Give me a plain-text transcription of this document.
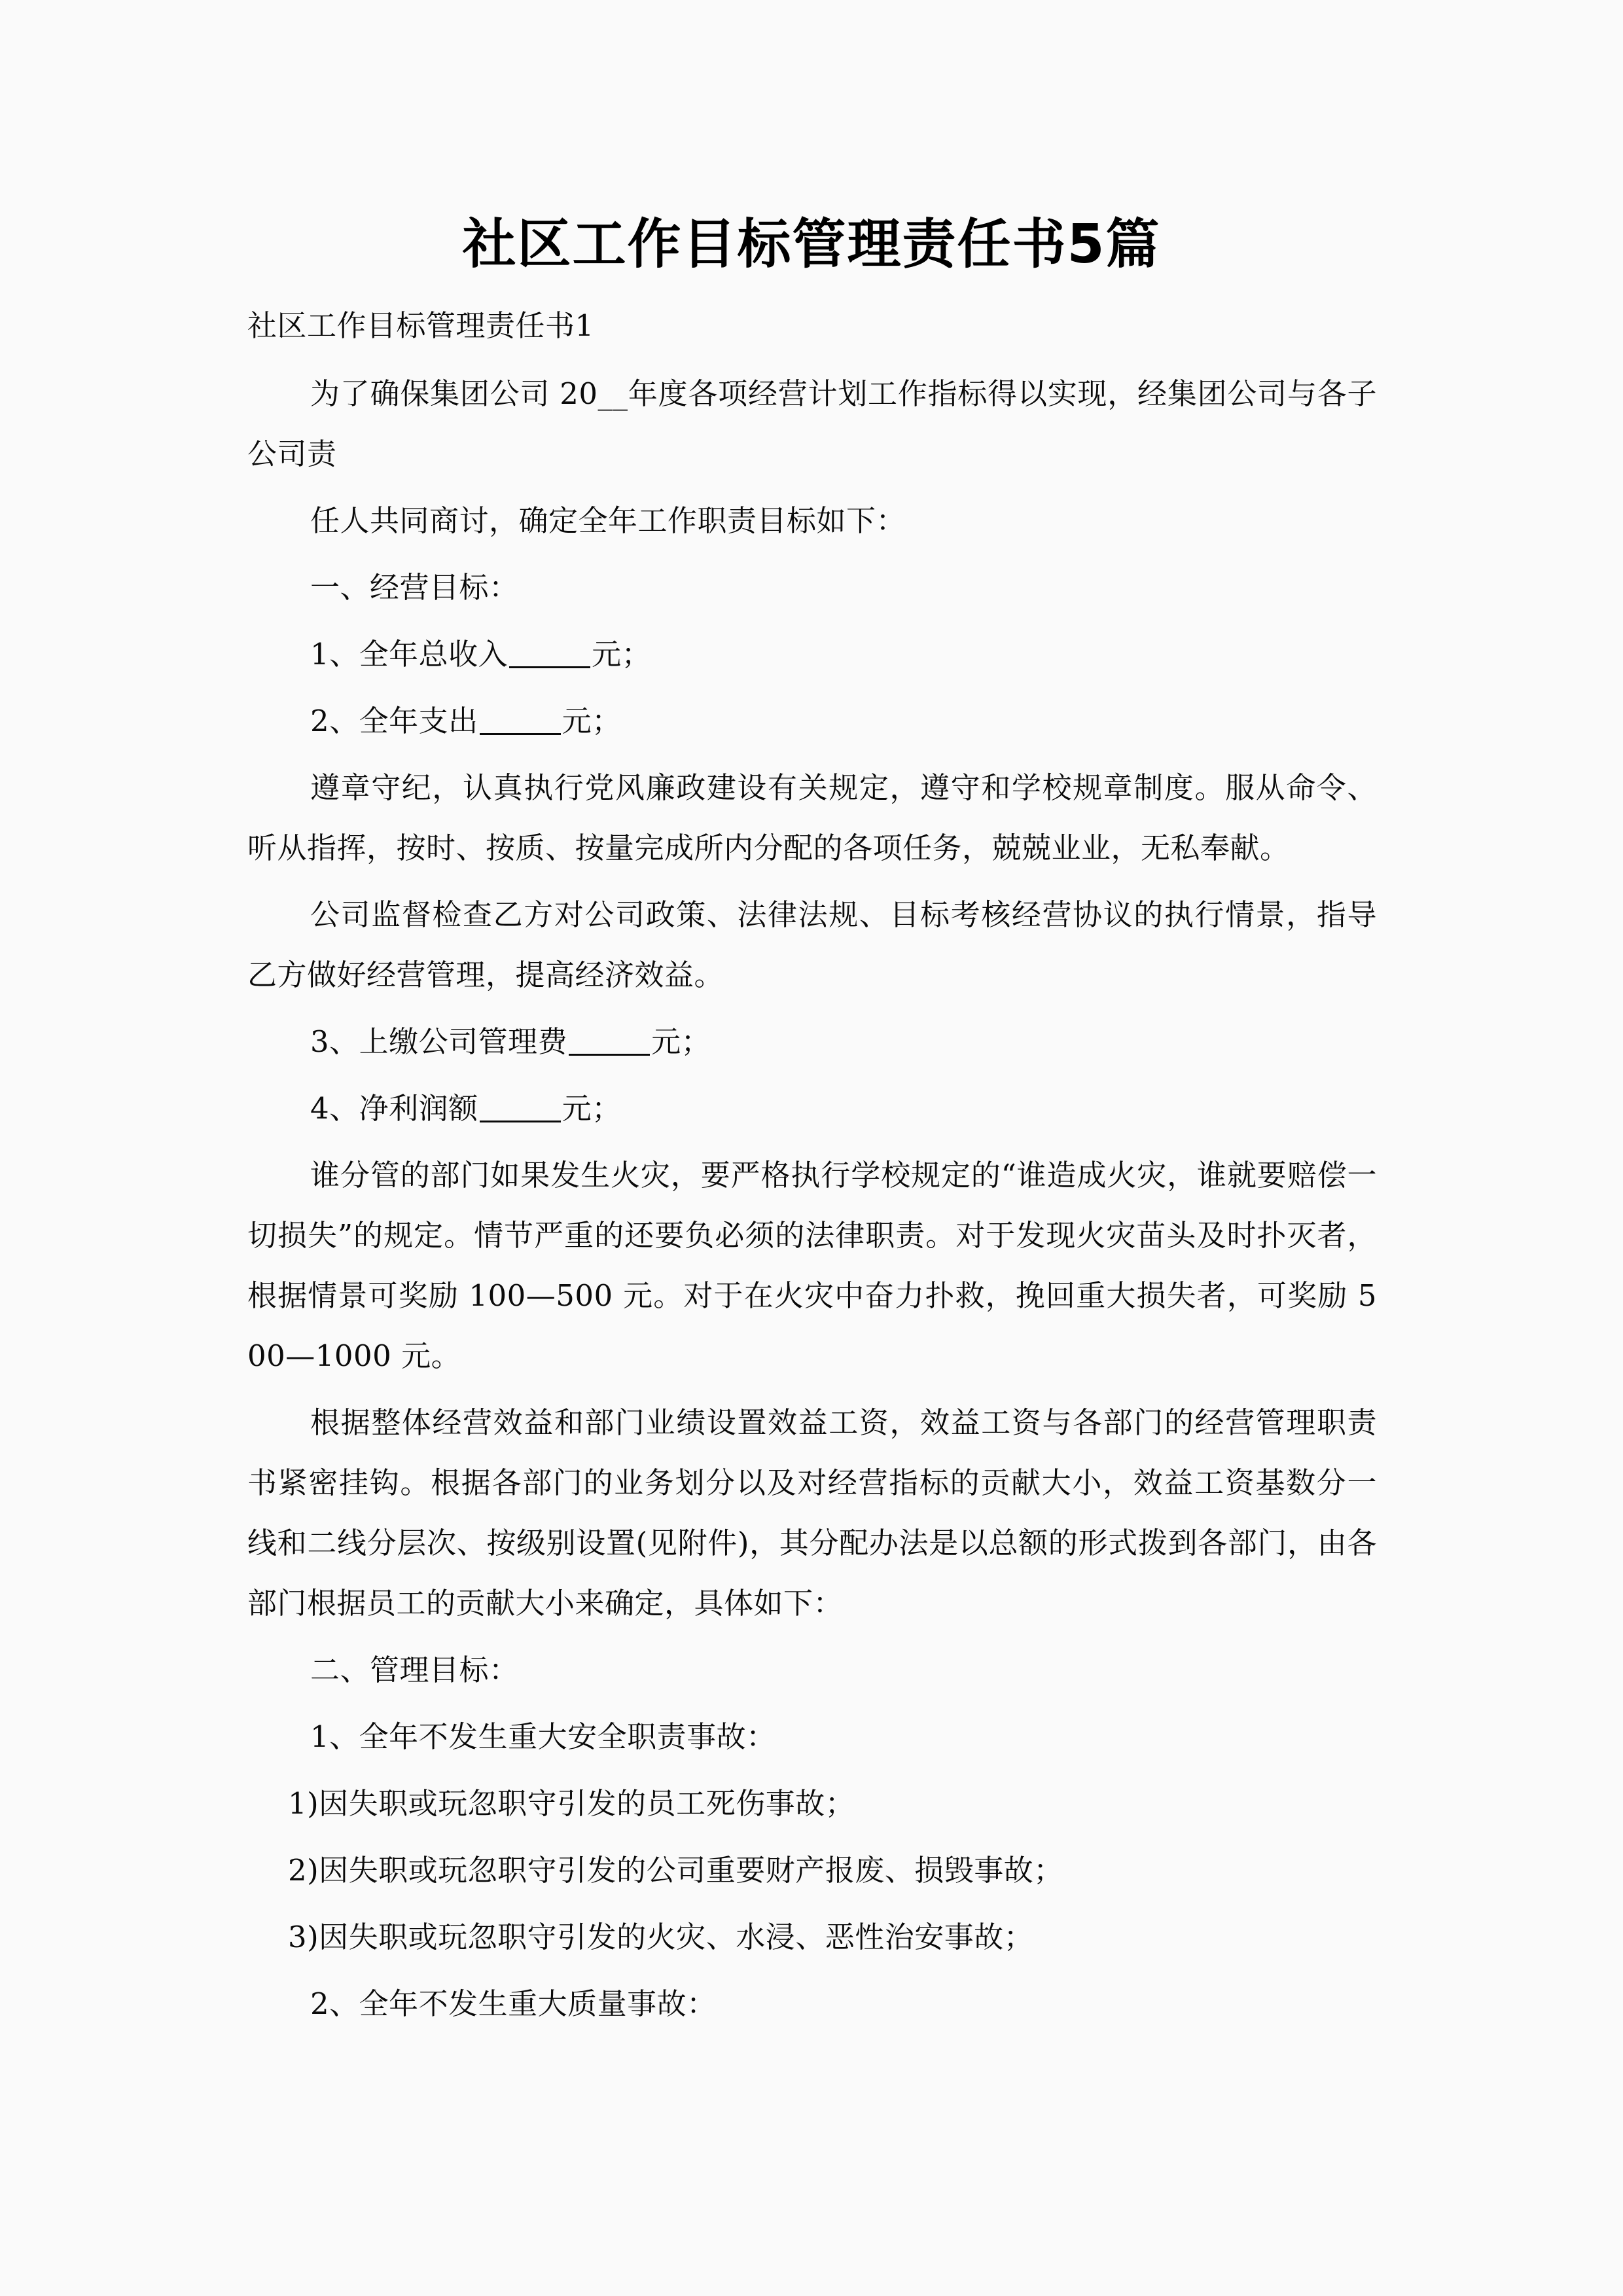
社区工作目标管理责任书5篇

社区工作目标管理责任书1

为了确保集团公司 20__年度各项经营计划工作指标得以实现，经集团公司与各子公司责

任人共同商讨，确定全年工作职责目标如下：

一、经营目标：

1、全年总收入	元；

2、全年支出	元；

遵章守纪，认真执行党风廉政建设有关规定，遵守和学校规章制度。服从命令、听从指挥，按时、按质、按量完成所内分配的各项任务，兢兢业业，无私奉献。

公司监督检查乙方对公司政策、法律法规、目标考核经营协议的执行情景，指导乙方做好经营管理，提高经济效益。

3、上缴公司管理费	元；

4、净利润额	元；

谁分管的部门如果发生火灾，要严格执行学校规定的“谁造成火灾，谁就要赔偿一切损失”的规定。情节严重的还要负必须的法律职责。对于发现火灾苗头及时扑灭者，根据情景可奖励 100—500 元。对于在火灾中奋力扑救，挽回重大损失者，可奖励 500—1000 元。

根据整体经营效益和部门业绩设置效益工资，效益工资与各部门的经营管理职责书紧密挂钩。根据各部门的业务划分以及对经营指标的贡献大小，效益工资基数分一线和二线分层次、按级别设置(见附件)，其分配办法是以总额的形式拨到各部门，由各部门根据员工的贡献大小来确定，具体如下：

二、管理目标：

1、全年不发生重大安全职责事故：

1)因失职或玩忽职守引发的员工死伤事故；

2)因失职或玩忽职守引发的公司重要财产报废、损毁事故；

3)因失职或玩忽职守引发的火灾、水浸、恶性治安事故；

2、全年不发生重大质量事故：
